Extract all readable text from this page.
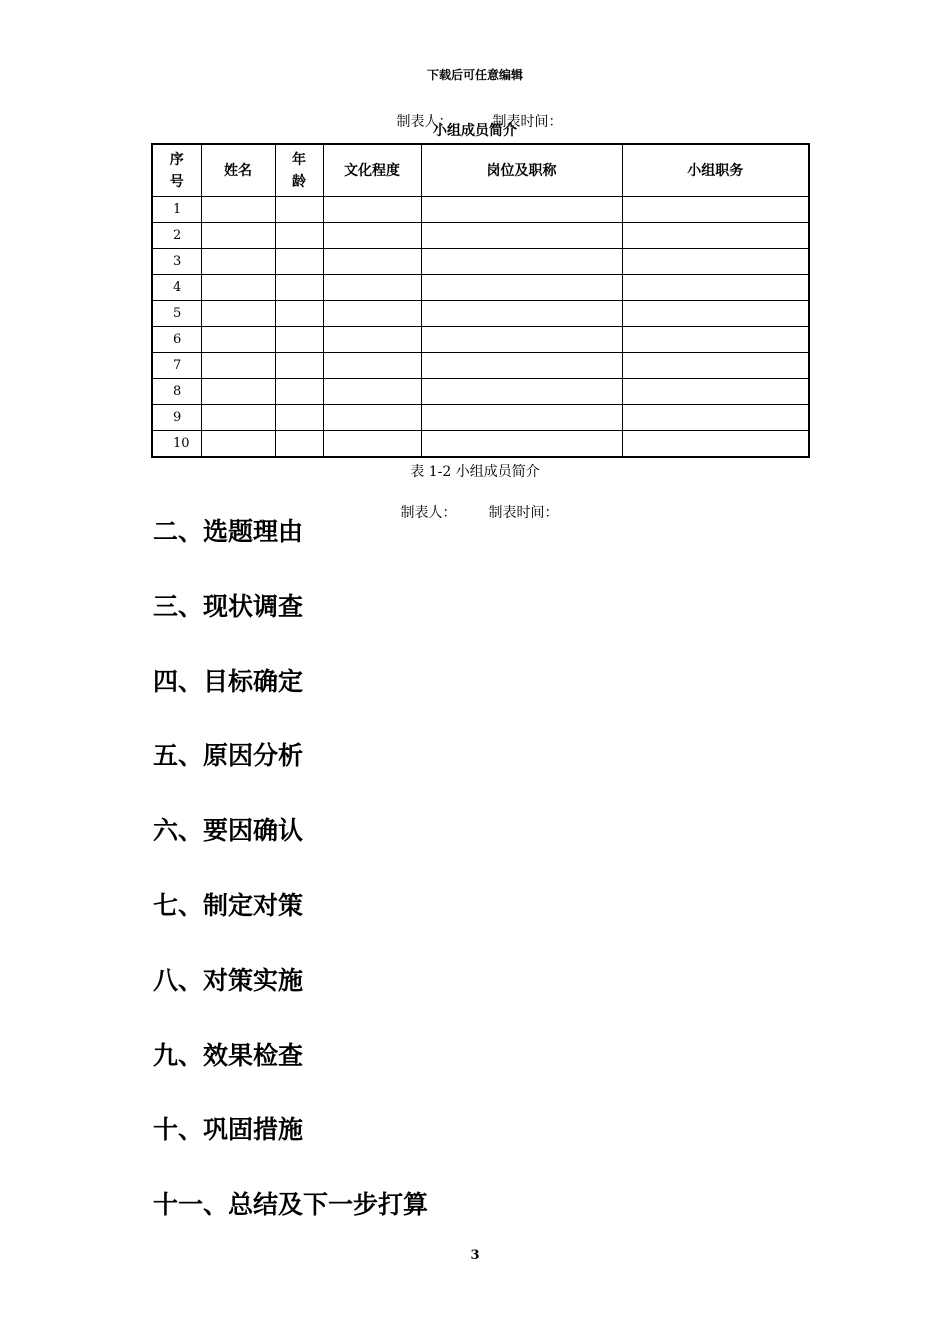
下载后可任意编辑

制表人：	制表时间：

小组成员简介
序号	姓名	年龄	文化程度	岗位及职称	小组职务
1					
2					
3					
4					
5					
6					
7					
8					
9					
10					
表 1-2 小组成员简介

制表人： 制表时间：

二、选题理由
三、现状调查
四、目标确定
五、原因分析
六、要因确认
七、制定对策
八、对策实施
九、效果检查
十、巩固措施
十一、总结及下一步打算
3
